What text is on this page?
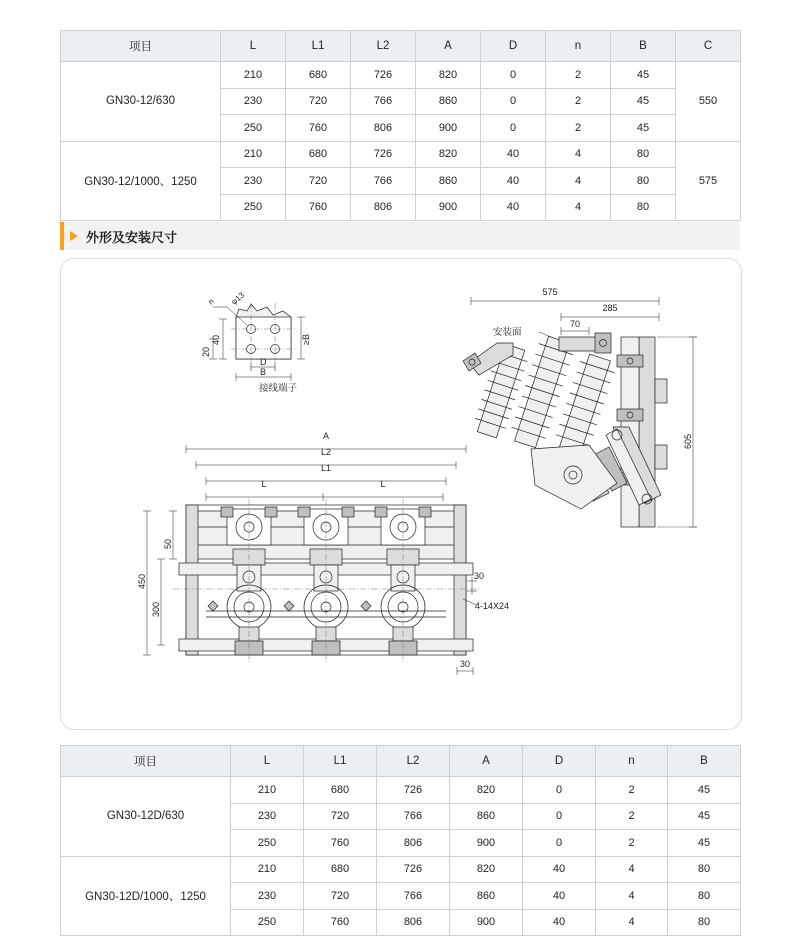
项目	L	L1	L2	A	D	n	B	C
GN30-12/630	210	680	726	820	0	2	45	550
	230	720	766	860	0	2	45	
	250	760	806	900	0	2	45	
GN30-12/1000、1250	210	680	726	820	40	4	80	575
	230	720	766	860	40	4	80	
	250	760	806	900	40	4	80	
外形及安装尺寸
40
20
φ13
n
≥B
D
B
接线端子
575
285
70
安装面
605
A
L2
L1
L	L
50
300
450	30
4-14X24
30
项目	L	L1	L2	A	D	n	B
GN30-12D/630	210	680	726	820	0	2	45
	230	720	766	860	0	2	45
	250	760	806	900	0	2	45
GN30-12D/1000、1250	210	680	726	820	40	4	80
	230	720	766	860	40	4	80
	250	760	806	900	40	4	80
